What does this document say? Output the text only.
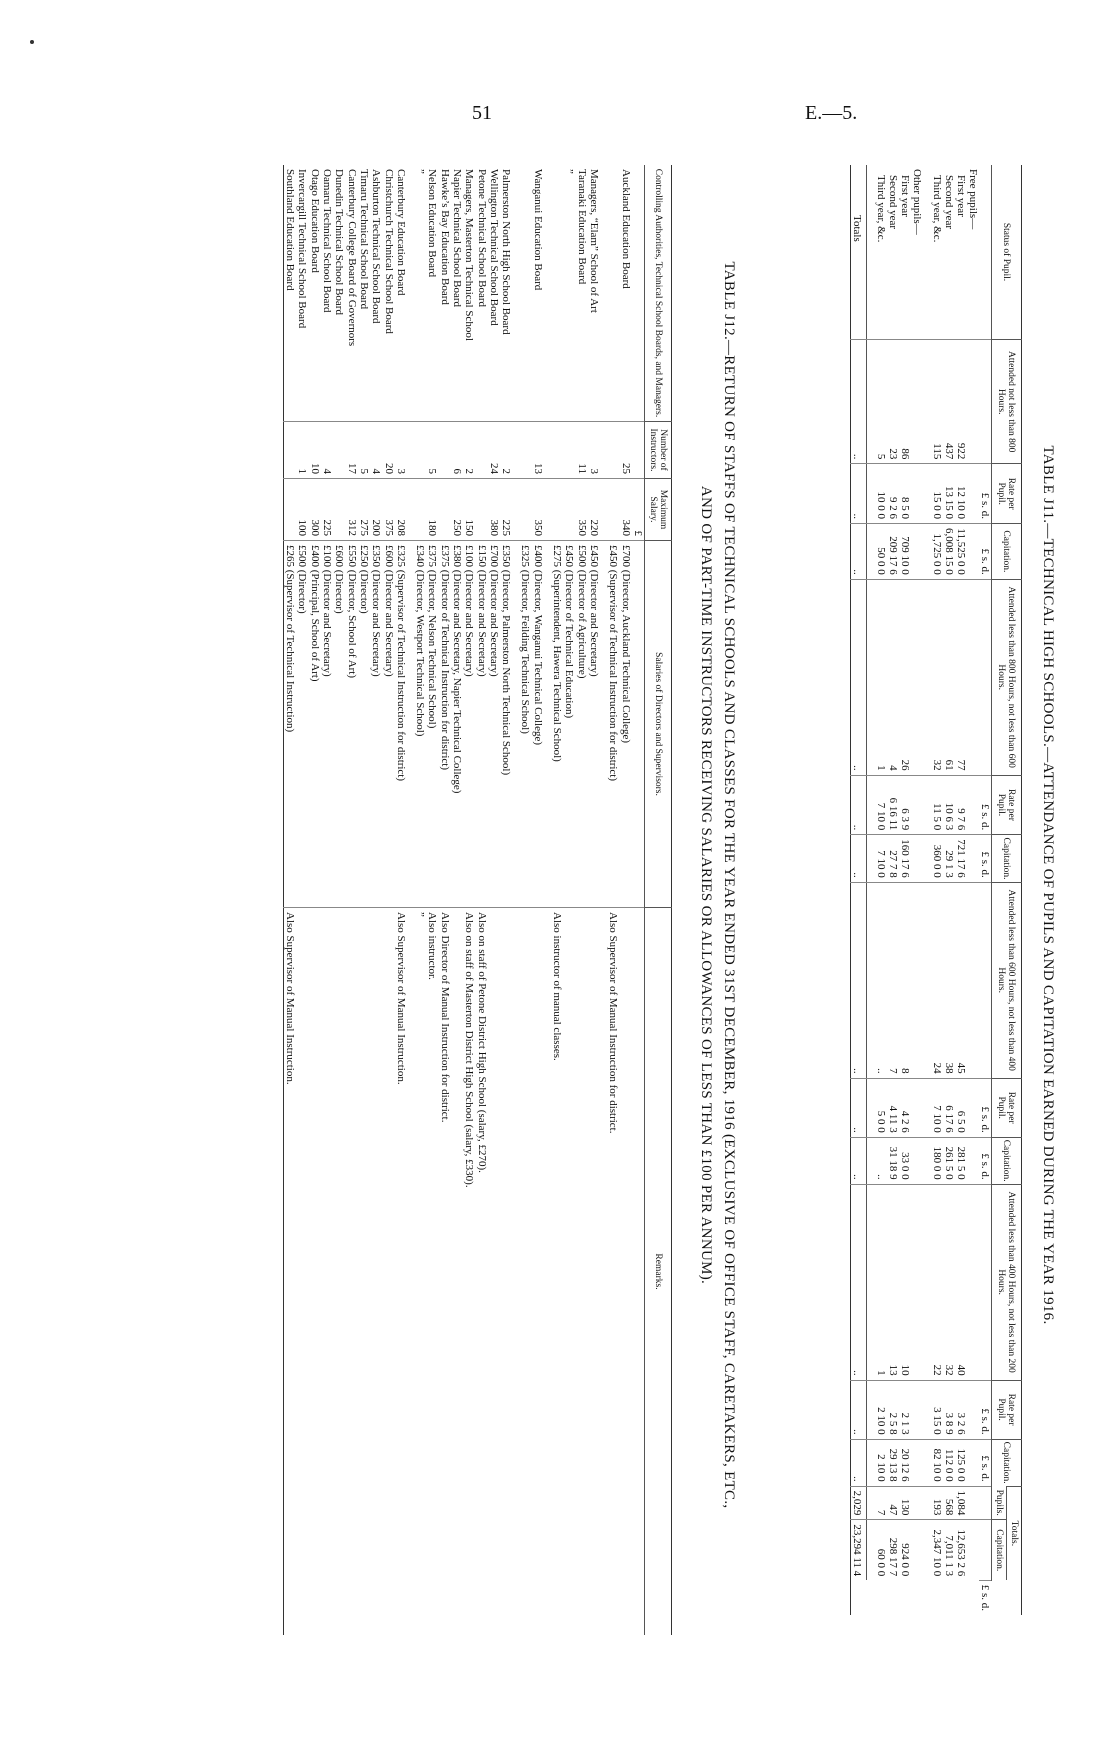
51	E.—5.
TABLE J11.—TECHNICAL HIGH SCHOOLS.—ATTENDANCE OF PUPILS AND CAPITATION EARNED DURING THE YEAR 1916.
Status of Pupil.	Attended not less than 800 Hours.	Rate per Pupil.	Capitation.	Attended less than 800 Hours, not less than 600 Hours.	Rate per Pupil.	Capitation.	Attended less than 600 Hours, not less than 400 Hours.	Rate per Pupil.	Capitation.	Attended less than 400 Hours, not less than 200 Hours.	Rate per Pupil.	Capitation.	Totals.		
													Pupils.	Capitation.	
		£ s. d.	£ s. d.		£ s. d.	£ s. d.		£ s. d.	£ s. d.		£ s. d.	£ s. d.			£ s. d.
Free pupils—															
First year	922	12 10 0	11,525 0 0	77	9 7 6	721 17 6	45	6 5 0	281 5 0	40	3 2 6	125 0 0	1,084	12,653 2 6	
Second year	437	13 15 0	6,008 15 0	61	10 6 3	29 1 3	38	6 17 6	261 5 0	32	3 8 9	112 0 0	568	7,011 1 3	
Third year, &c.	115	15 0 0	1,725 0 0	32	11 5 0	360 0 0	24	7 10 0	180 0 0	22	3 15 0	82 10 0	193	2,347 10 0	

Other pupils—															
First year	86	8 5 0	709 10 0	26	6 3 9	160 17 6	8	4 2 6	33 0 0	10	2 1 3	20 12 6	130	924 0 0	
Second year	23	9 2 6	209 17 6	4	6 16 11	27 7 8	7	4 11 3	31 18 9	13	2 5 8	29 13 8	47	298 17 7	
Third year, &c.	5	10 0 0	50 0 0	1	7 10 0	7 10 0	..	5 0 0	..	1	2 10 0	2 10 0	7	60 0 0	

Totals	..	..	..	..	..	..	..	..	..	..	..	..	2,029	23,294 11 4	
TABLE J12.—RETURN OF STAFFS OF TECHNICAL SCHOOLS AND CLASSES FOR THE YEAR ENDED 31ST DECEMBER, 1916 (EXCLUSIVE OF OFFICE STAFF, CARETAKERS, ETC.,
AND OF PART-TIME INSTRUCTORS RECEIVING SALARIES OR ALLOWANCES OF LESS THAN £100 PER ANNUM).
Controlling Authorities, Technical School Boards, and Managers.	Number of Instructors.	Maximum Salary.	Salaries of Directors and Supervisors.	Remarks.
		£		
Auckland Education Board	25	340	£700 (Director, Auckland Technical College)	
			£450 (Supervisor of Technical Instruction for district)	Also Supervisor of Manual Instruction for district.

Managers, “Elam” School of Art	3	220	£450 (Director and Secretary)	
Taranaki Education Board	11	350	£500 (Director of Agriculture)	
”			£450 (Director of Technical Education)	
			£275 (Superintendent, Hawera Technical School)	Also instructor of manual classes.

Wanganui Education Board	13	350	£400 (Director, Wanganui Technical College)	
			£325 (Director, Feilding Technical School)	

Palmerston North High School Board	2	225	£350 (Director, Palmerston North Technical School)	
Wellington Technical School Board	24	380	£700 (Director and Secretary)	
Petone Technical School Board			£150 (Director and Secretary)	Also on staff of Petone District High School (salary, £270).
Managers, Masterton Technical School	2	150	£100 (Director and Secretary)	Also on staff of Masterton District High School (salary, £330).
Napier Technical School Board	6	250	£380 (Director and Secretary, Napier Technical College)	
Hawke’s Bay Education Board			£375 (Director of Technical Instruction for district)	Also Director of Manual Instruction for district.
Nelson Education Board	5	180	£375 (Director, Nelson Technical School)	Also instructor.
”			£340 (Director, Westport Technical School)	”

Canterbury Education Board	3	208	£325 (Supervisor of Technical Instruction for district)	Also Supervisor of Manual Instruction.
Christchurch Technical School Board	20	375	£600 (Director and Secretary)	
Ashburton Technical School Board	4	200	£350 (Director and Secretary)	
Timaru Technical School Board	5	275	£250 (Director)	
Canterbury College Board of Governors	17	312	£550 (Director, School of Art)	
Dunedin Technical School Board			£600 (Director)	
Oamaru Technical School Board	4	225	£100 (Director and Secretary)	
Otago Education Board	10	300	£400 (Principal, School of Art)	
Invercargill Technical School Board	1	100	£500 (Director)	
Southland Education Board			£265 (Supervisor of Technical Instruction)	Also Supervisor of Manual Instruction.
